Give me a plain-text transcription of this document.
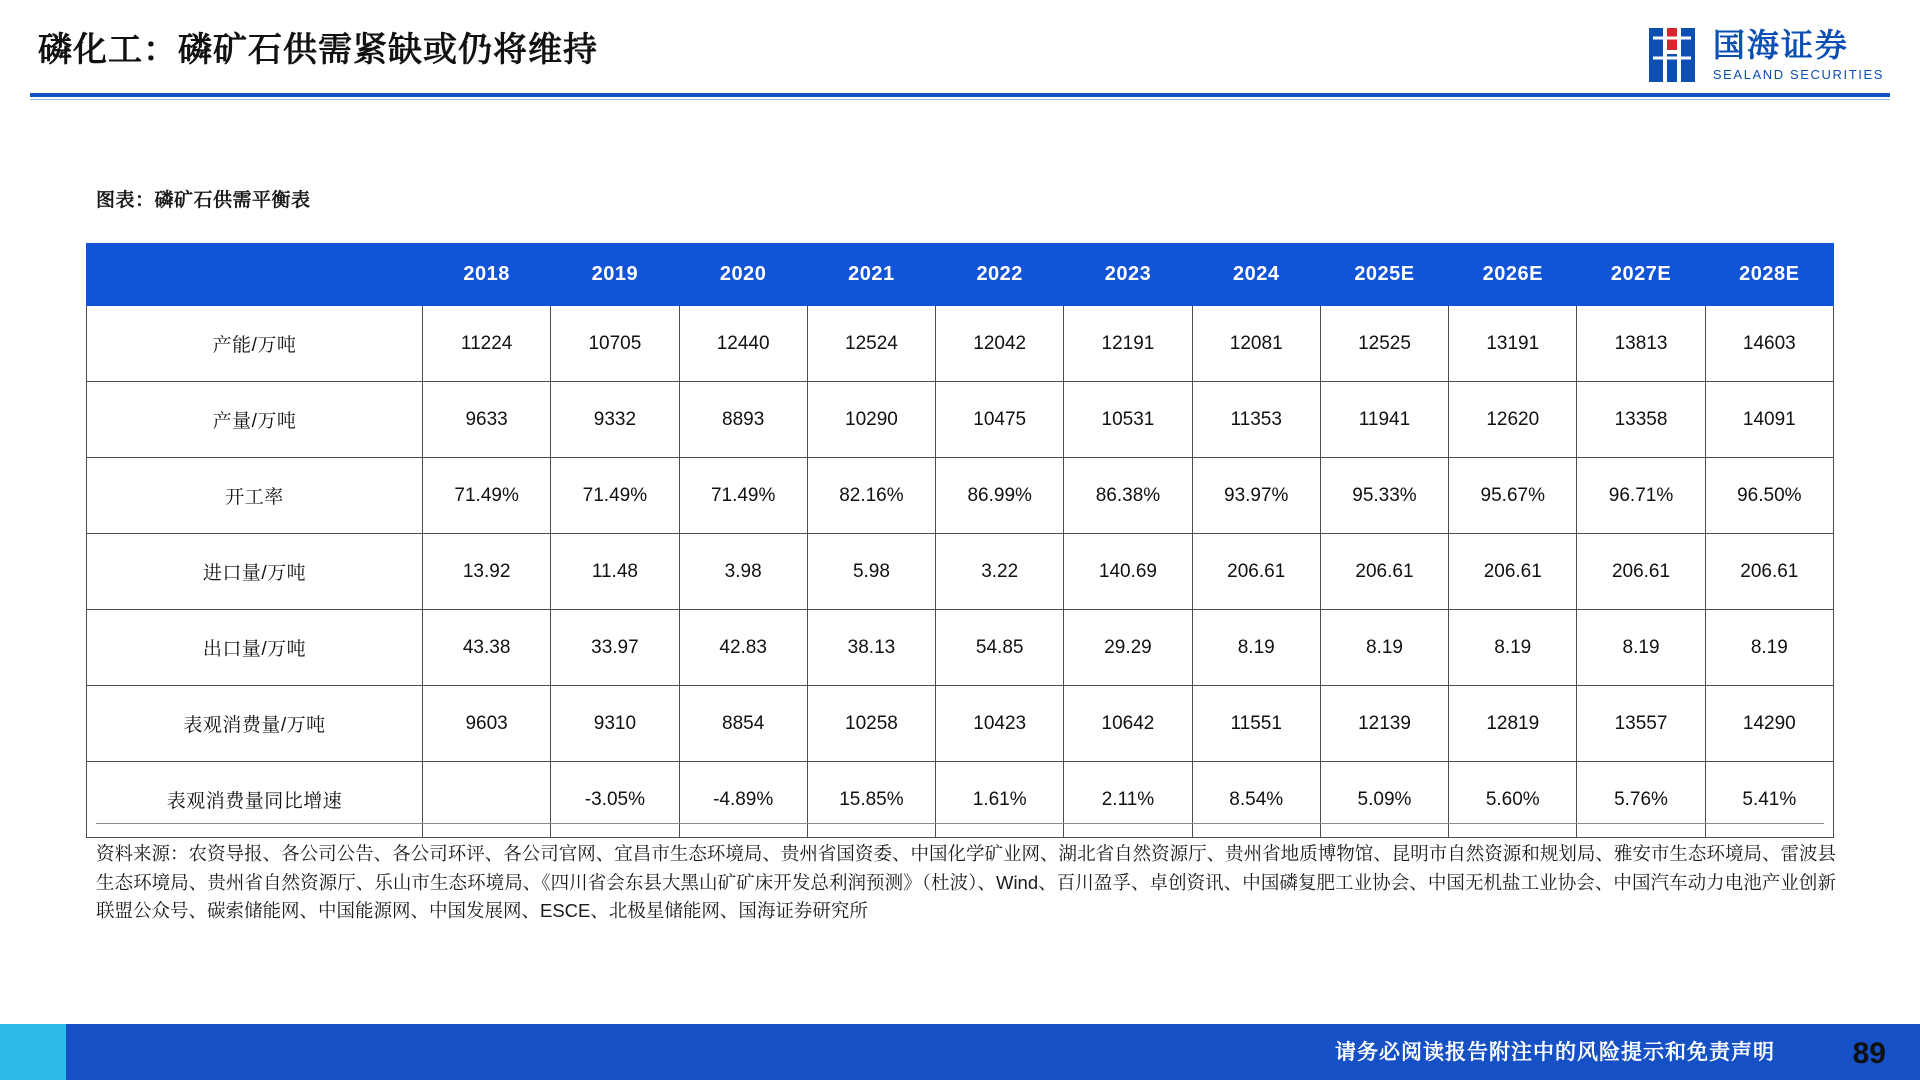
磷化工：磷矿石供需紧缺或仍将维持	国海证券
SEALAND SECURITIES
图表：磷矿石供需平衡表
	2018	2019	2020	2021	2022	2023	2024	2025E	2026E	2027E	2028E
产能/万吨	11224	10705	12440	12524	12042	12191	12081	12525	13191	13813	14603
产量/万吨	9633	9332	8893	10290	10475	10531	11353	11941	12620	13358	14091
开工率	71.49%	71.49%	71.49%	82.16%	86.99%	86.38%	93.97%	95.33%	95.67%	96.71%	96.50%
进口量/万吨	13.92	11.48	3.98	5.98	3.22	140.69	206.61	206.61	206.61	206.61	206.61
出口量/万吨	43.38	33.97	42.83	38.13	54.85	29.29	8.19	8.19	8.19	8.19	8.19
表观消费量/万吨	9603	9310	8854	10258	10423	10642	11551	12139	12819	13557	14290
表观消费量同比增速		-3.05%	-4.89%	15.85%	1.61%	2.11%	8.54%	5.09%	5.60%	5.76%	5.41%
资料来源：农资导报、各公司公告、各公司环评、各公司官网、宜昌市生态环境局、贵州省国资委、中国化学矿业网、湖北省自然资源厅、贵州省地质博物馆、昆明市自然资源和规划局、雅安市生态环境局、雷波县生态环境局、贵州省自然资源厅、乐山市生态环境局、《四川省会东县大黑山矿矿床开发总利润预测》（杜波）、Wind、百川盈孚、卓创资讯、中国磷复肥工业协会、中国无机盐工业协会、中国汽车动力电池产业创新联盟公众号、碳索储能网、中国能源网、中国发展网、ESCE、北极星储能网、国海证券研究所
请务必阅读报告附注中的风险提示和免责声明	89
